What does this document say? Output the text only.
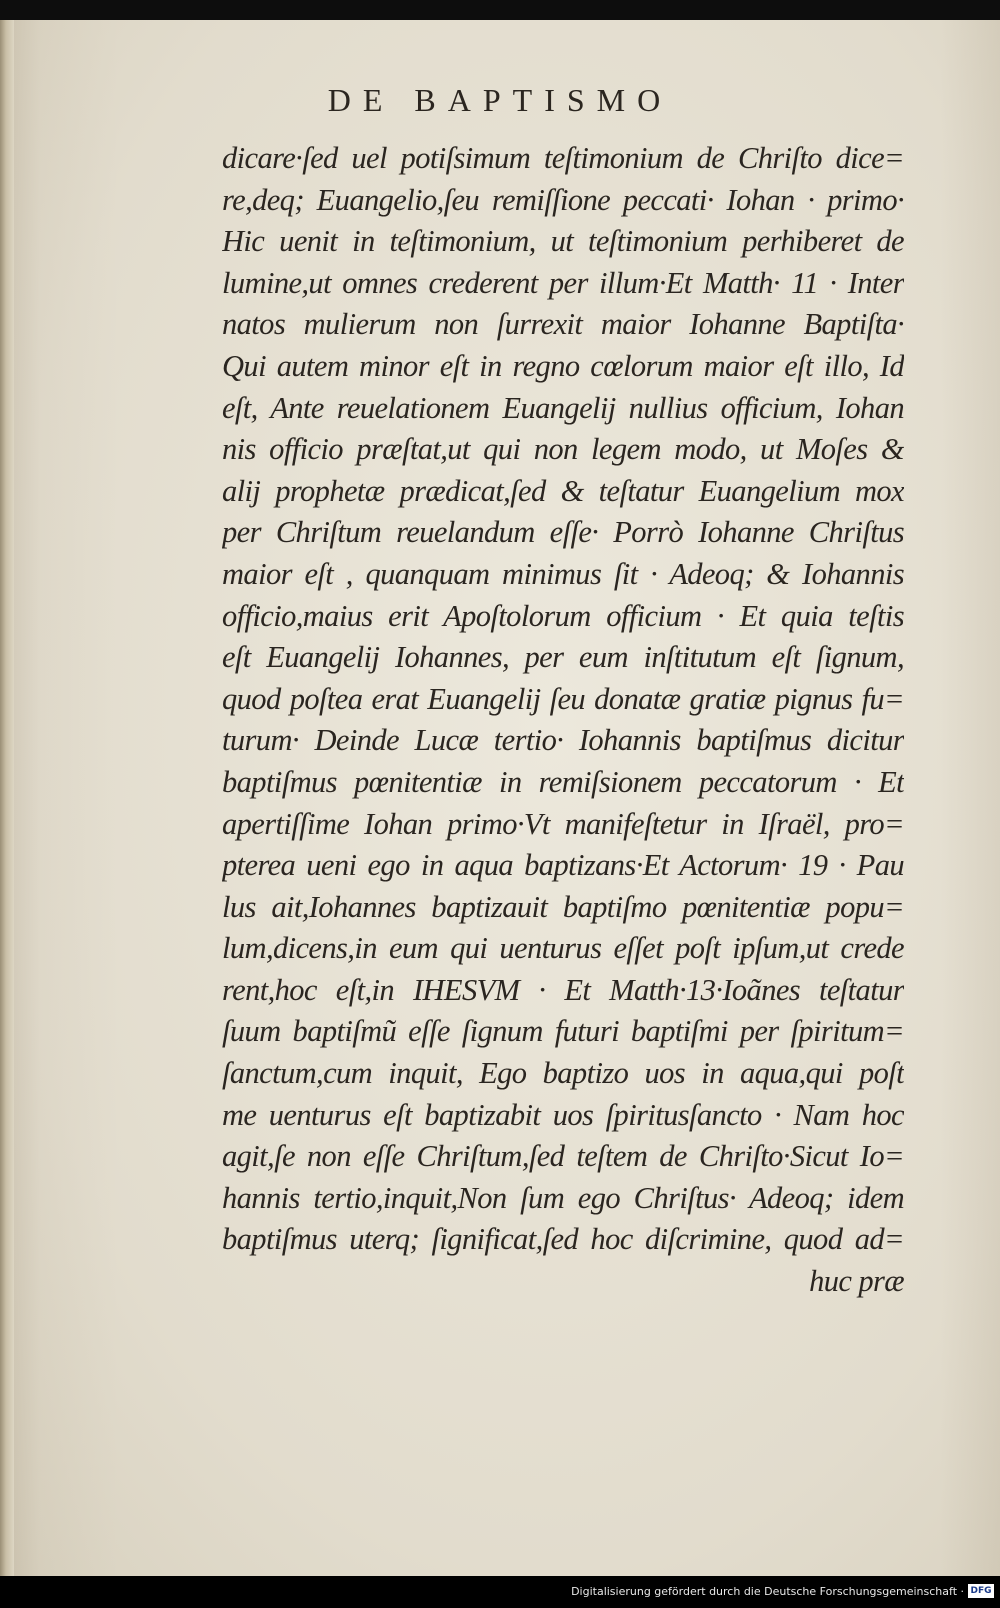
DE BAPTISMO
dicare·ſed uel potiſsimum teſtimonium de Chriſto dice=
re,deq; Euangelio,ſeu remiſſione peccati· Iohan · primo·
Hic uenit in teſtimonium, ut teſtimonium perhiberet de
lumine,ut omnes crederent per illum·Et Matth· 11 · Inter
natos mulierum non ſurrexit maior Iohanne Baptiſta·
Qui autem minor eſt in regno cœlorum maior eſt illo, Id
eſt, Ante reuelationem Euangelij nullius officium, Iohan
nis officio præſtat,ut qui non legem modo, ut Moſes &
alij prophetæ prædicat,ſed & teſtatur Euangelium mox
per Chriſtum reuelandum eſſe· Porrò Iohanne Chriſtus
maior eſt , quanquam minimus ſit · Adeoq; & Iohannis
officio,maius erit Apoſtolorum officium · Et quia teſtis
eſt Euangelij Iohannes, per eum inſtitutum eſt ſignum,
quod poſtea erat Euangelij ſeu donatæ gratiæ pignus fu=
turum· Deinde Lucæ tertio· Iohannis baptiſmus dicitur
baptiſmus pœnitentiæ in remiſsionem peccatorum · Et
apertiſſime Iohan primo·Vt manifeſtetur in Iſraël, pro=
pterea ueni ego in aqua baptizans·Et Actorum· 19 · Pau
lus ait,Iohannes baptizauit baptiſmo pœnitentiæ popu=
lum,dicens,in eum qui uenturus eſſet poſt ipſum,ut crede
rent,hoc eſt,in IHESVM · Et Matth·13·Ioãnes teſtatur
ſuum baptiſmũ eſſe ſignum futuri baptiſmi per ſpiritum=
ſanctum,cum inquit, Ego baptizo uos in aqua,qui poſt
me uenturus eſt baptizabit uos ſpiritusſancto · Nam hoc
agit,ſe non eſſe Chriſtum,ſed teſtem de Chriſto·Sicut Io=
hannis tertio,inquit,Non ſum ego Chriſtus· Adeoq; idem
baptiſmus uterq; ſignificat,ſed hoc diſcrimine, quod ad=
huc præ
Digitalisierung gefördert durch die Deutsche Forschungsgemeinschaft · DFG
